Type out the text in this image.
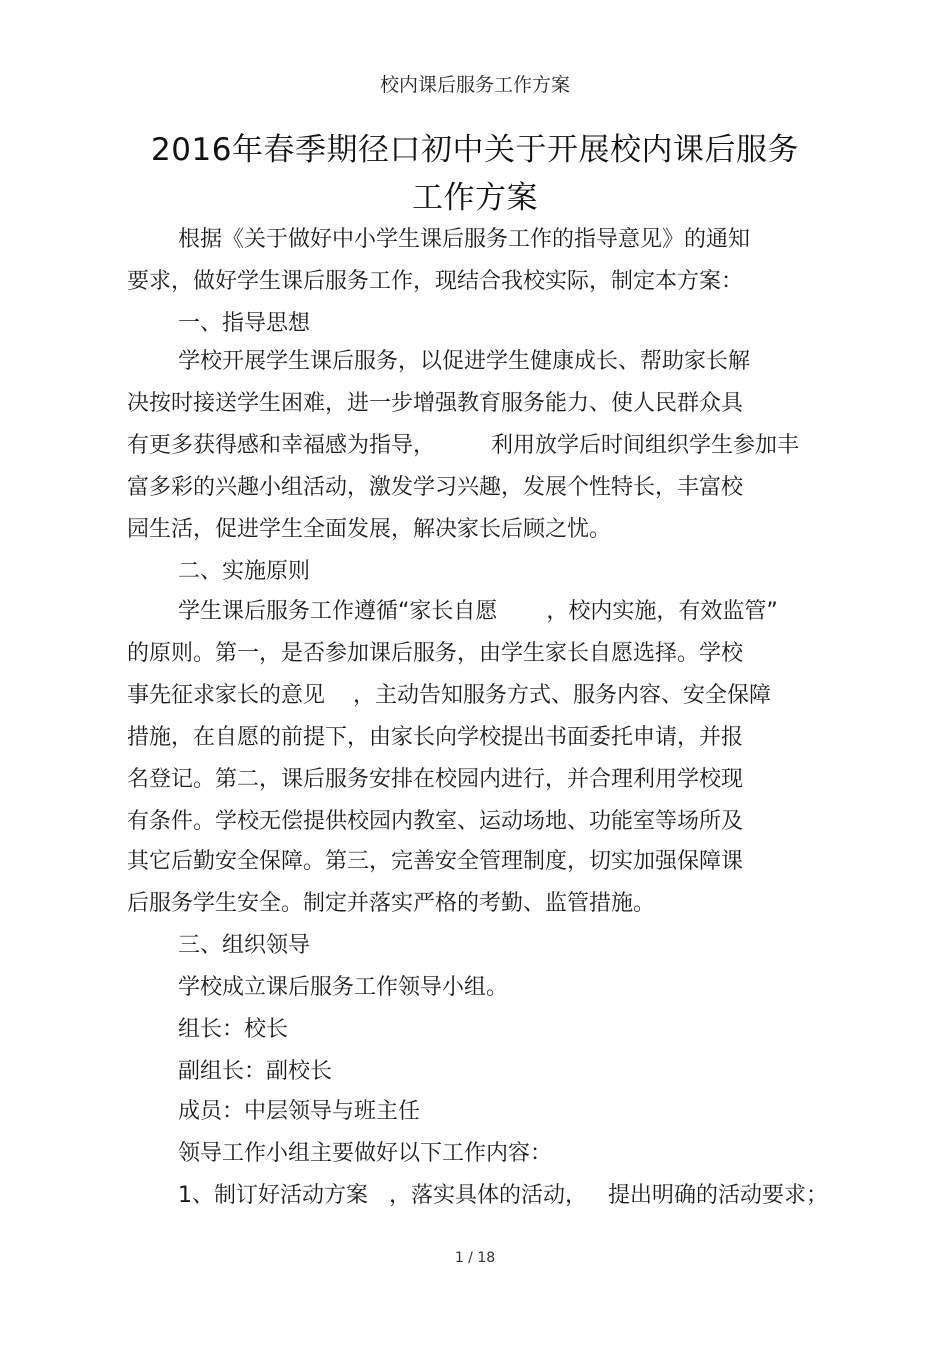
校内课后服务工作方案
2016年春季期径口初中关于开展校内课后服务
工作方案
根据《关于做好中小学生课后服务工作的指导意见》的通知
要求，做好学生课后服务工作，现结合我校实际，制定本方案：
一、指导思想
学校开展学生课后服务，以促进学生健康成长、帮助家长解
决按时接送学生困难，进一步增强教育服务能力、使人民群众具
有更多获得感和幸福感为指导，        利用放学后时间组织学生参加丰
富多彩的兴趣小组活动，激发学习兴趣，发展个性特长，丰富校
园生活，促进学生全面发展，解决家长后顾之忧。
二、实施原则
学生课后服务工作遵循“家长自愿       ，校内实施，有效监管”
的原则。第一，是否参加课后服务，由学生家长自愿选择。学校
事先征求家长的意见    ，主动告知服务方式、服务内容、安全保障
措施，在自愿的前提下，由家长向学校提出书面委托申请，并报
名登记。第二，课后服务安排在校园内进行，并合理利用学校现
有条件。学校无偿提供校园内教室、运动场地、功能室等场所及
其它后勤安全保障。第三，完善安全管理制度，切实加强保障课
后服务学生安全。制定并落实严格的考勤、监管措施。
三、组织领导
学校成立课后服务工作领导小组。
组长：校长
副组长：副校长
成员：中层领导与班主任
领导工作小组主要做好以下工作内容：
1、制订好活动方案   ，落实具体的活动，   提出明确的活动要求；
1 / 18
